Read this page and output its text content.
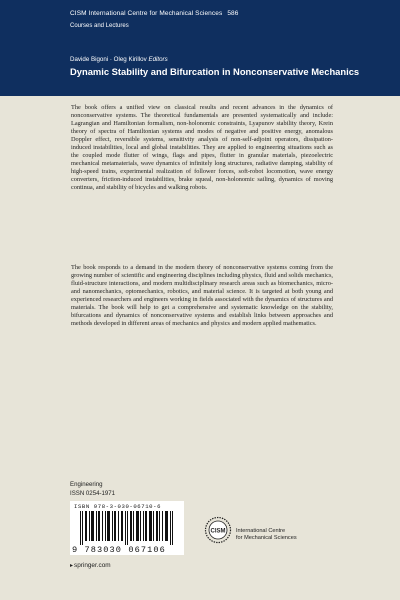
CISM International Centre for Mechanical Sciences 586
Courses and Lectures
Davide Bigoni · Oleg Kirillov Editors
Dynamic Stability and Bifurcation in Nonconservative Mechanics

The book offers a unified view on classical results and recent advances in the dynamics of nonconservative systems. The theoretical fundamentals are presented systematically and include: Lagrangian and Hamiltonian formalism, non-holonomic constraints, Lyapunov stability theory, Krein theory of spectra of Hamiltonian systems and modes of negative and positive energy, anomalous Doppler effect, reversible systems, sensitivity analysis of non-self-adjoint operators, dissipation-induced instabilities, local and global instabilities. They are applied to engineering situations such as the coupled mode flutter of wings, flags and pipes, flutter in granular materials, piezoelectric mechanical metamaterials, wave dynamics of infinitely long structures, radiative damping, stability of high-speed trains, experimental realization of follower forces, soft-robot locomotion, wave energy converters, friction-induced instabilities, brake squeal, non-holonomic sailing, dynamics of moving continua, and stability of bicycles and walking robots.

The book responds to a demand in the modern theory of nonconservative systems coming from the growing number of scientific and engineering disciplines including physics, fluid and solids mechanics, fluid-structure interactions, and modern multidisciplinary research areas such as biomechanics, micro- and nanomechanics, optomechanics, robotics, and material science. It is targeted at both young and experienced researchers and engineers working in fields associated with the dynamics of structures and materials. The book will help to get a comprehensive and systematic knowledge on the stability, bifurcations and dynamics of nonconservative systems and establish links between approaches and methods developed in different areas of mechanics and physics and modern applied mathematics.

Engineering
ISSN 0254-1971
ISBN 978-3-030-06710-6
9 783030 067106
▸springer.com
CISM International Centre
for Mechanical Sciences
